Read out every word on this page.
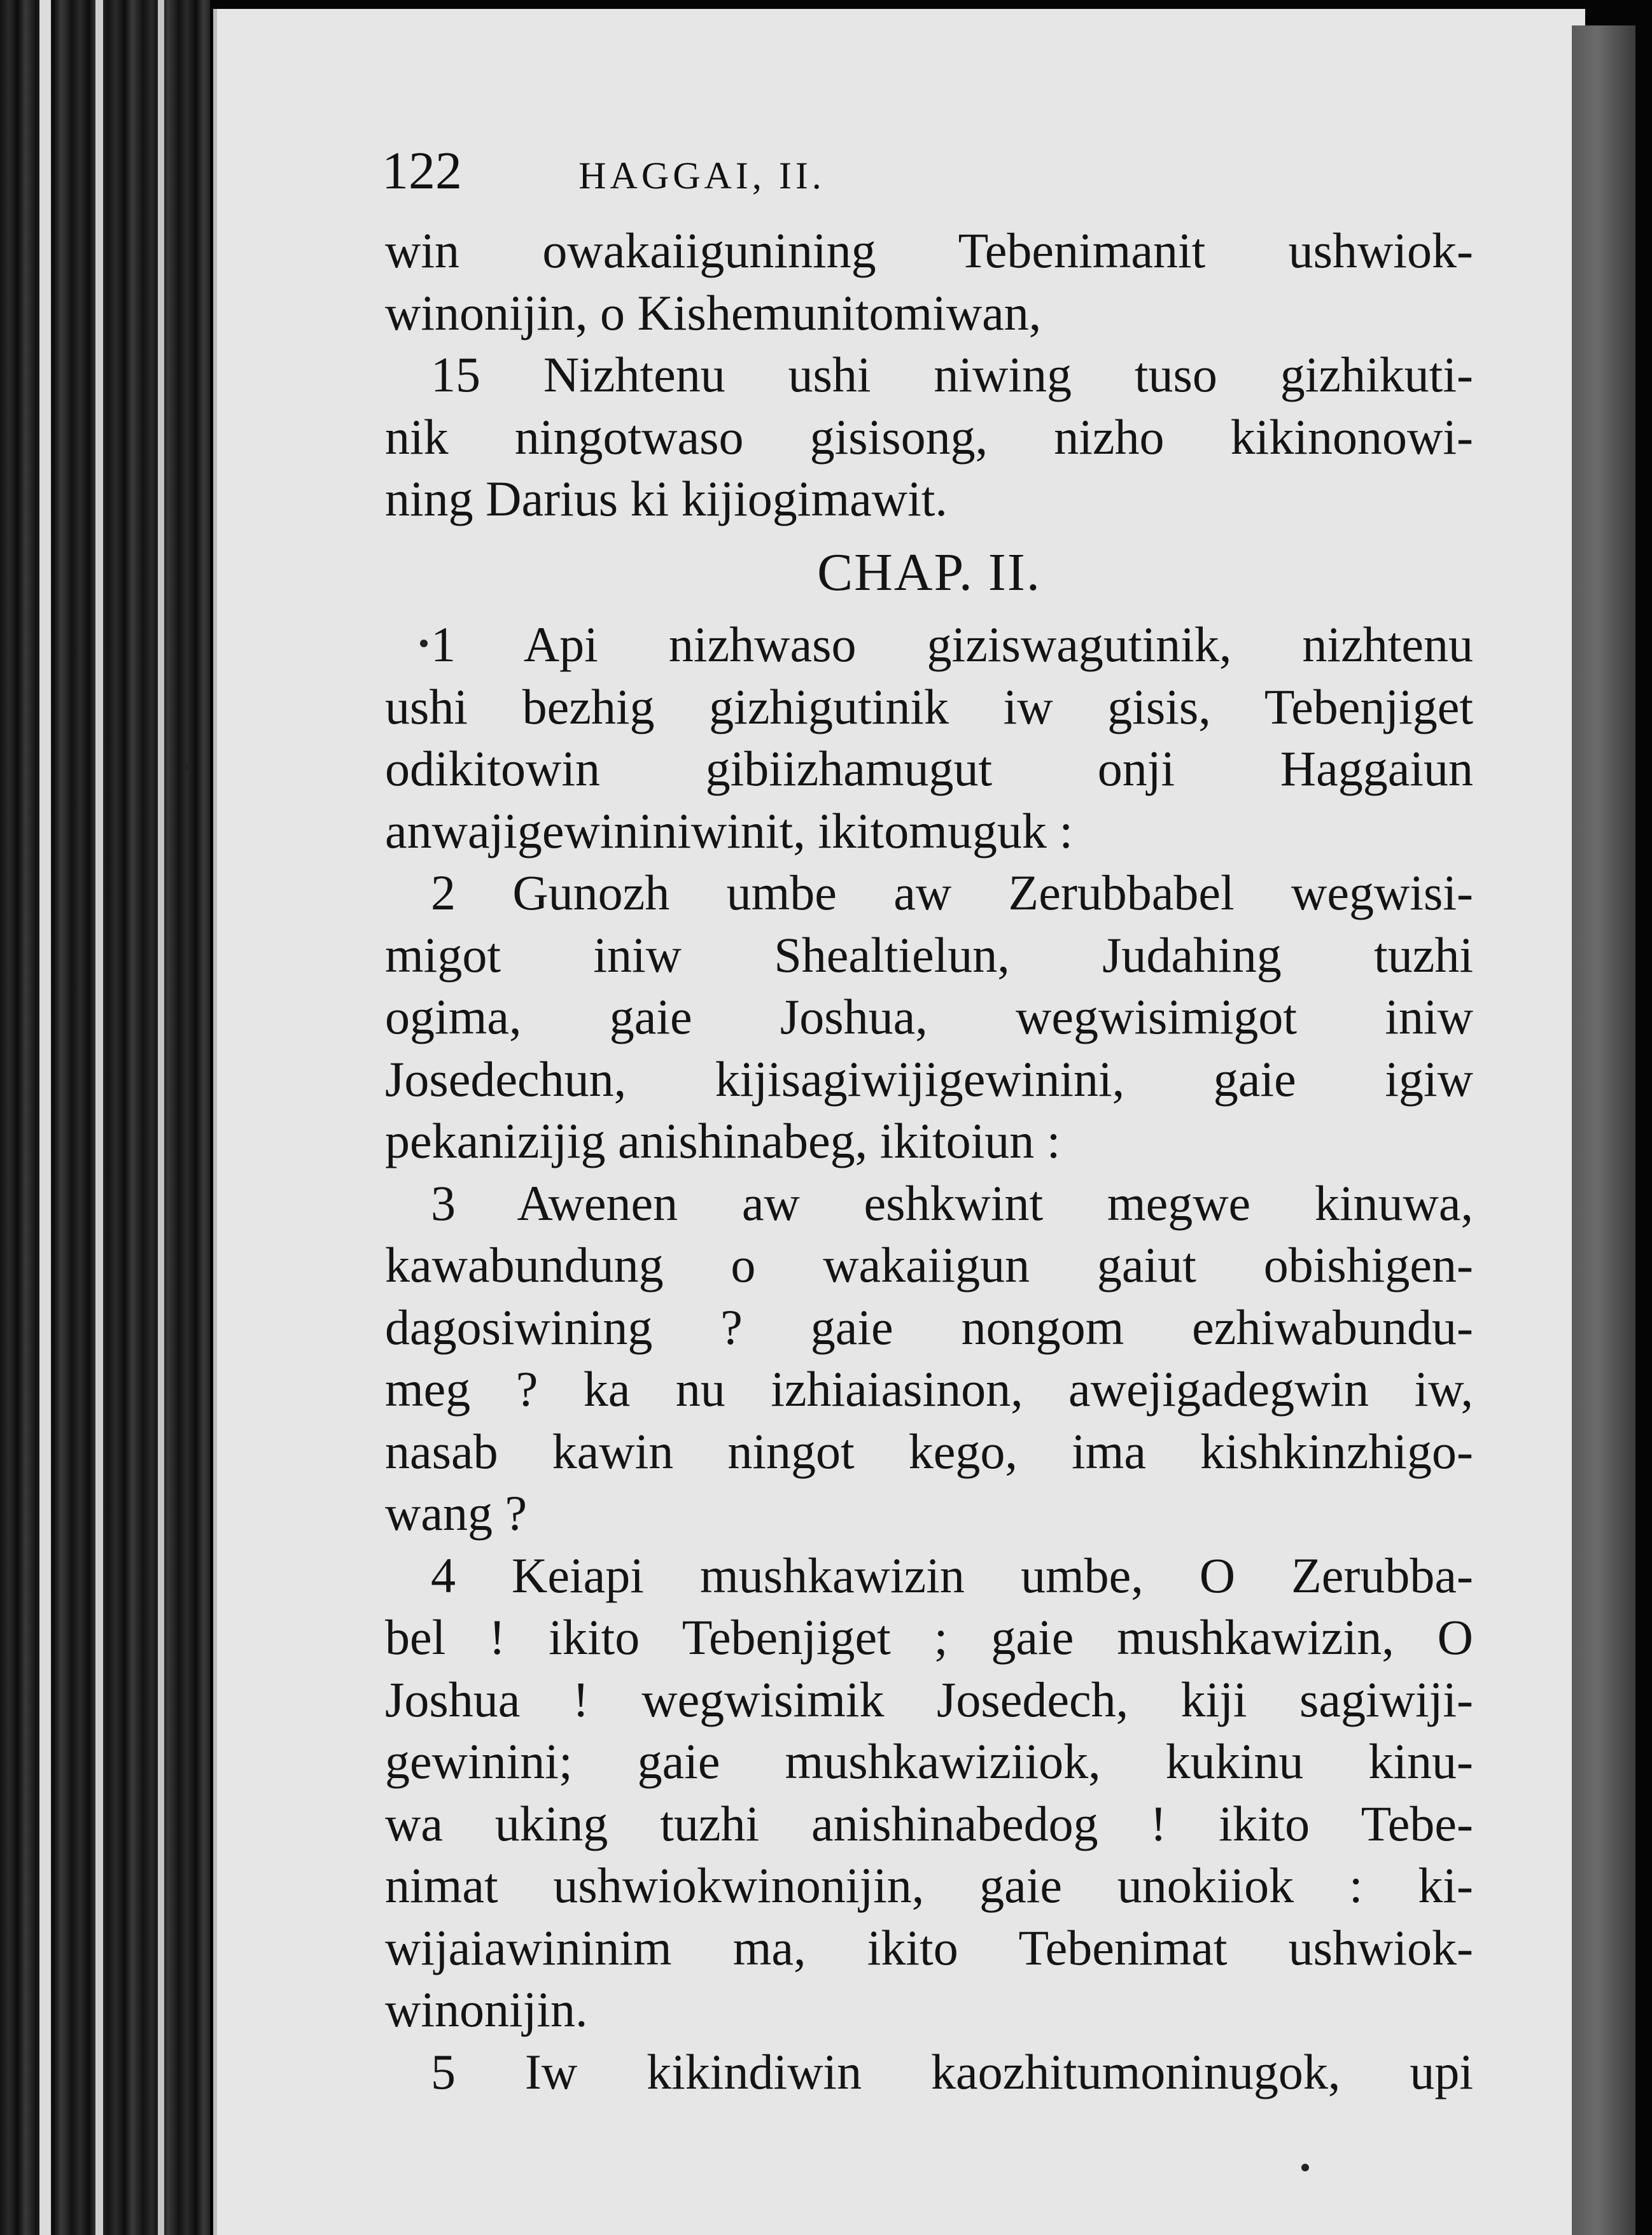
122	HAGGAI, II.
win owakaiigunining Tebenimanit ushwiok-
winonijin, o Kishemunitomiwan,
15 Nizhtenu ushi niwing tuso gizhikuti-
nik ningotwaso gisisong, nizho kikinonowi-
ning Darius ki kijiogimawit.
CHAP. II.
1 Api nizhwaso giziswagutinik, nizhtenu
ushi bezhig gizhigutinik iw gisis, Tebenjiget
odikitowin gibiizhamugut onji Haggaiun
anwajigewininiwinit, ikitomuguk :
2 Gunozh umbe aw Zerubbabel wegwisi-
migot iniw Shealtielun, Judahing tuzhi
ogima, gaie Joshua, wegwisimigot iniw
Josedechun, kijisagiwijigewinini, gaie igiw
pekanizijig anishinabeg, ikitoiun :
3 Awenen aw eshkwint megwe kinuwa,
kawabundung o wakaiigun gaiut obishigen-
dagosiwining ? gaie nongom ezhiwabundu-
meg ? ka nu izhiaiasinon, awejigadegwin iw,
nasab kawin ningot kego, ima kishkinzhigo-
wang ?
4 Keiapi mushkawizin umbe, O Zerubba-
bel ! ikito Tebenjiget ; gaie mushkawizin, O
Joshua ! wegwisimik Josedech, kiji sagiwiji-
gewinini; gaie mushkawiziiok, kukinu kinu-
wa uking tuzhi anishinabedog ! ikito Tebe-
nimat ushwiokwinonijin, gaie unokiiok : ki-
wijaiawininim ma, ikito Tebenimat ushwiok-
winonijin.
5 Iw kikindiwin kaozhitumoninugok, upi
